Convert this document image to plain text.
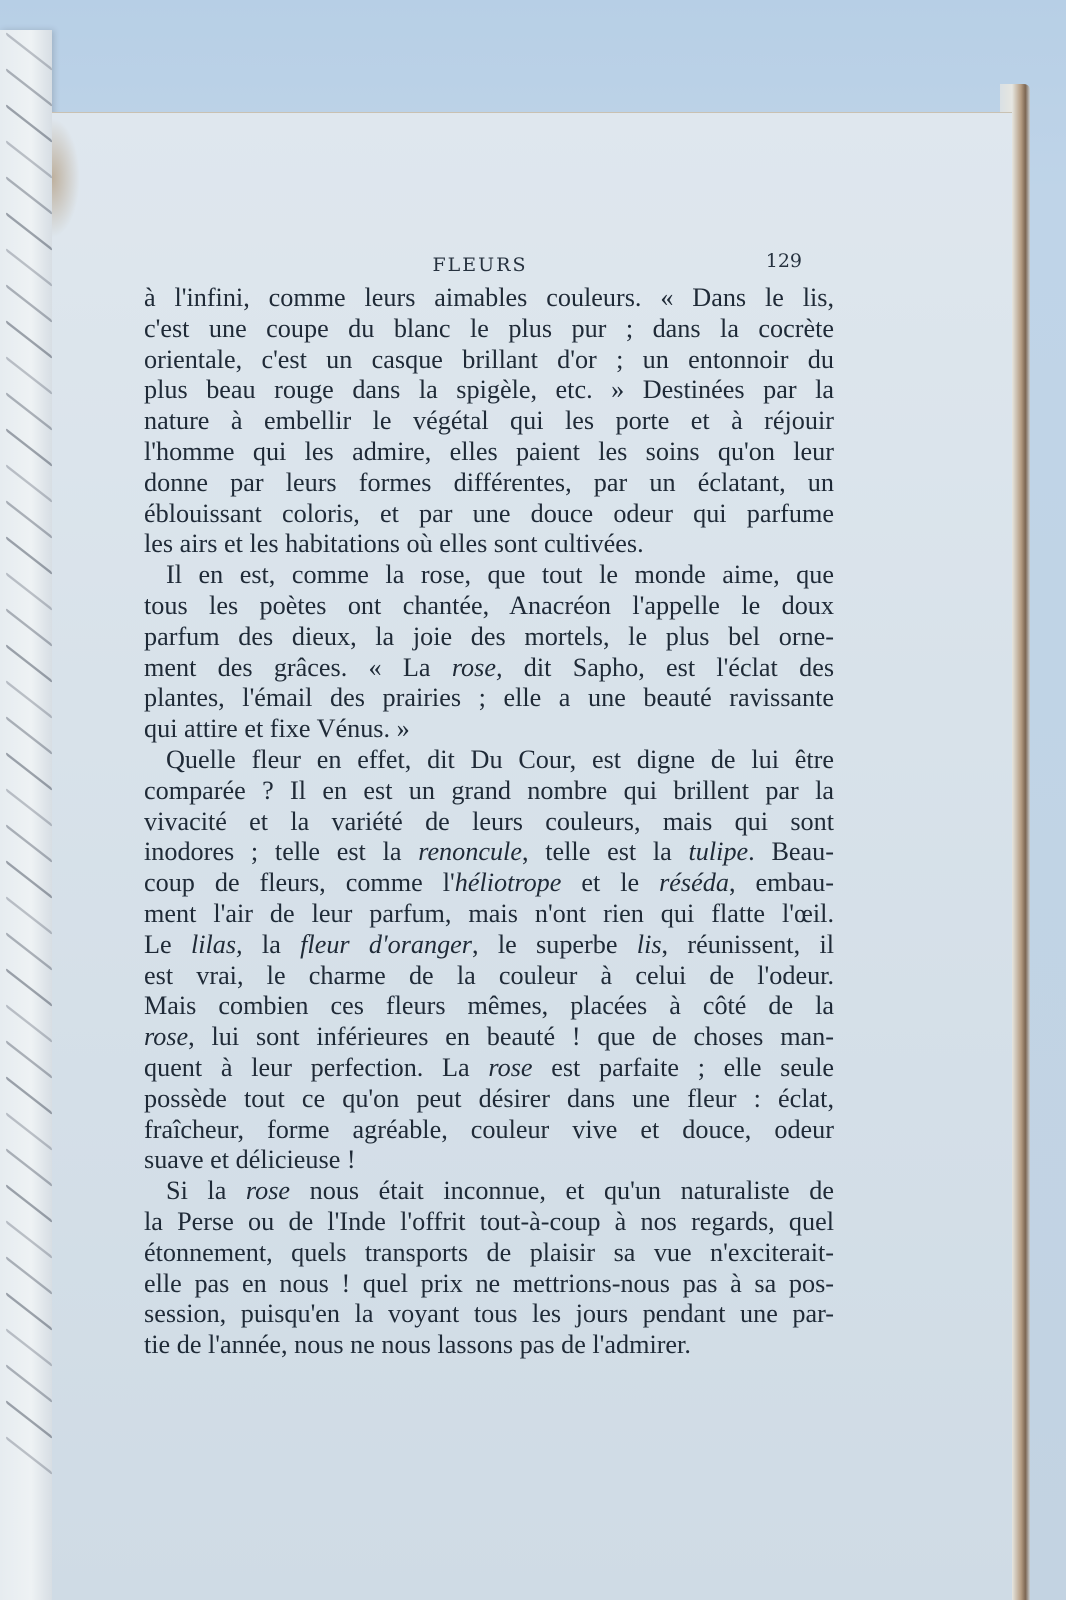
FLEURS	129
à l'infini, comme leurs aimables couleurs. « Dans le lis,
c'est une coupe du blanc le plus pur ; dans la cocrète
orientale, c'est un casque brillant d'or ; un entonnoir du
plus beau rouge dans la spigèle, etc. » Destinées par la
nature à embellir le végétal qui les porte et à réjouir
l'homme qui les admire, elles paient les soins qu'on leur
donne par leurs formes différentes, par un éclatant, un
éblouissant coloris, et par une douce odeur qui parfume
les airs et les habitations où elles sont cultivées.
Il en est, comme la rose, que tout le monde aime, que
tous les poètes ont chantée, Anacréon l'appelle le doux
parfum des dieux, la joie des mortels, le plus bel orne-
ment des grâces. « La rose, dit Sapho, est l'éclat des
plantes, l'émail des prairies ; elle a une beauté ravissante
qui attire et fixe Vénus. »
Quelle fleur en effet, dit Du Cour, est digne de lui être
comparée ? Il en est un grand nombre qui brillent par la
vivacité et la variété de leurs couleurs, mais qui sont
inodores ; telle est la renoncule, telle est la tulipe. Beau-
coup de fleurs, comme l'héliotrope et le réséda, embau-
ment l'air de leur parfum, mais n'ont rien qui flatte l'œil.
Le lilas, la fleur d'oranger, le superbe lis, réunissent, il
est vrai, le charme de la couleur à celui de l'odeur.
Mais combien ces fleurs mêmes, placées à côté de la
rose, lui sont inférieures en beauté ! que de choses man-
quent à leur perfection. La rose est parfaite ; elle seule
possède tout ce qu'on peut désirer dans une fleur : éclat,
fraîcheur, forme agréable, couleur vive et douce, odeur
suave et délicieuse !
Si la rose nous était inconnue, et qu'un naturaliste de
la Perse ou de l'Inde l'offrit tout-à-coup à nos regards, quel
étonnement, quels transports de plaisir sa vue n'exciterait-
elle pas en nous ! quel prix ne mettrions-nous pas à sa pos-
session, puisqu'en la voyant tous les jours pendant une par-
tie de l'année, nous ne nous lassons pas de l'admirer.
